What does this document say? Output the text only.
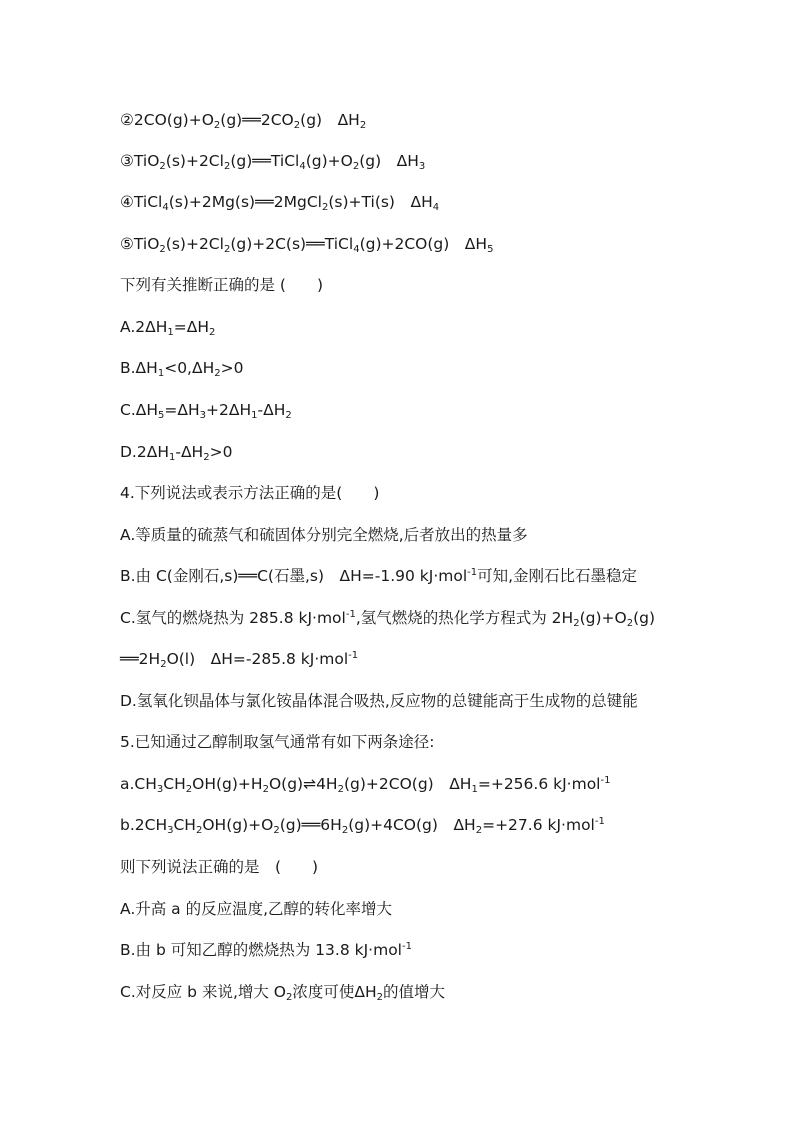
$②2CO(g)+O_2(g)══2CO_2(g)$　$\Delta H_2$
$③TiO_2(s)+2Cl_2(g)══TiCl_4(g)+O_2(g)$　$\Delta H_3$
④TiCl$_4$(s)+2Mg(s)══2MgCl$_2$(s)+Ti(s)　$\Delta H_4$
$⑤TiO_2(s)+2Cl_2(g)+2C(s)══TiCl_4(g)+2CO(g)$　$\Delta H_5$
下列有关推断正确的是 (　　)
$A.2\Delta H_1=\Delta H_2$
$B.\Delta H_1<0,\Delta H_2>0$
$C.\Delta H_5=\Delta H_3+2\Delta H_1-\Delta H_2$
$D.2\Delta H_1-\Delta H_2>0$
4.下列说法或表示方法正确的是(　　)
A.等质量的硫蒸气和硫固体分别完全燃烧,后者放出的热量多
B.由 C(金刚石,s)══C(石墨,s)　ΔH=-1.90 kJ·mol$^{-1}$可知,金刚石比石墨稳定
C.氢气的燃烧热为 285.8 kJ·mol$^{-1}$,氢气燃烧的热化学方程式为 $2H_2(g)+O_2(g)$
$══2H_2O(l)$　ΔH=-285.8 kJ·mol$^{-1}$
D.氢氧化钡晶体与氯化铵晶体混合吸热,反应物的总键能高于生成物的总键能
5.已知通过乙醇制取氢气通常有如下两条途径:
$a.CH_3CH_2OH(g)+H_2O(g)\rightleftharpoons 4H_2(g)+2CO(g)$　$\Delta H_1=+256.6$ kJ·mol$^{-1}$
$b.2CH_3CH_2OH(g)+O_2(g)══6H_2(g)+4CO(g)$　$\Delta H_2=+27.6$ kJ·mol$^{-1}$
则下列说法正确的是　(　　)
A.升高 a 的反应温度,乙醇的转化率增大
B.由 b 可知乙醇的燃烧热为 13.8 kJ·mol$^{-1}$
C.对反应 b 来说,增大 $O_2$浓度可使$\Delta H_2$的值增大
